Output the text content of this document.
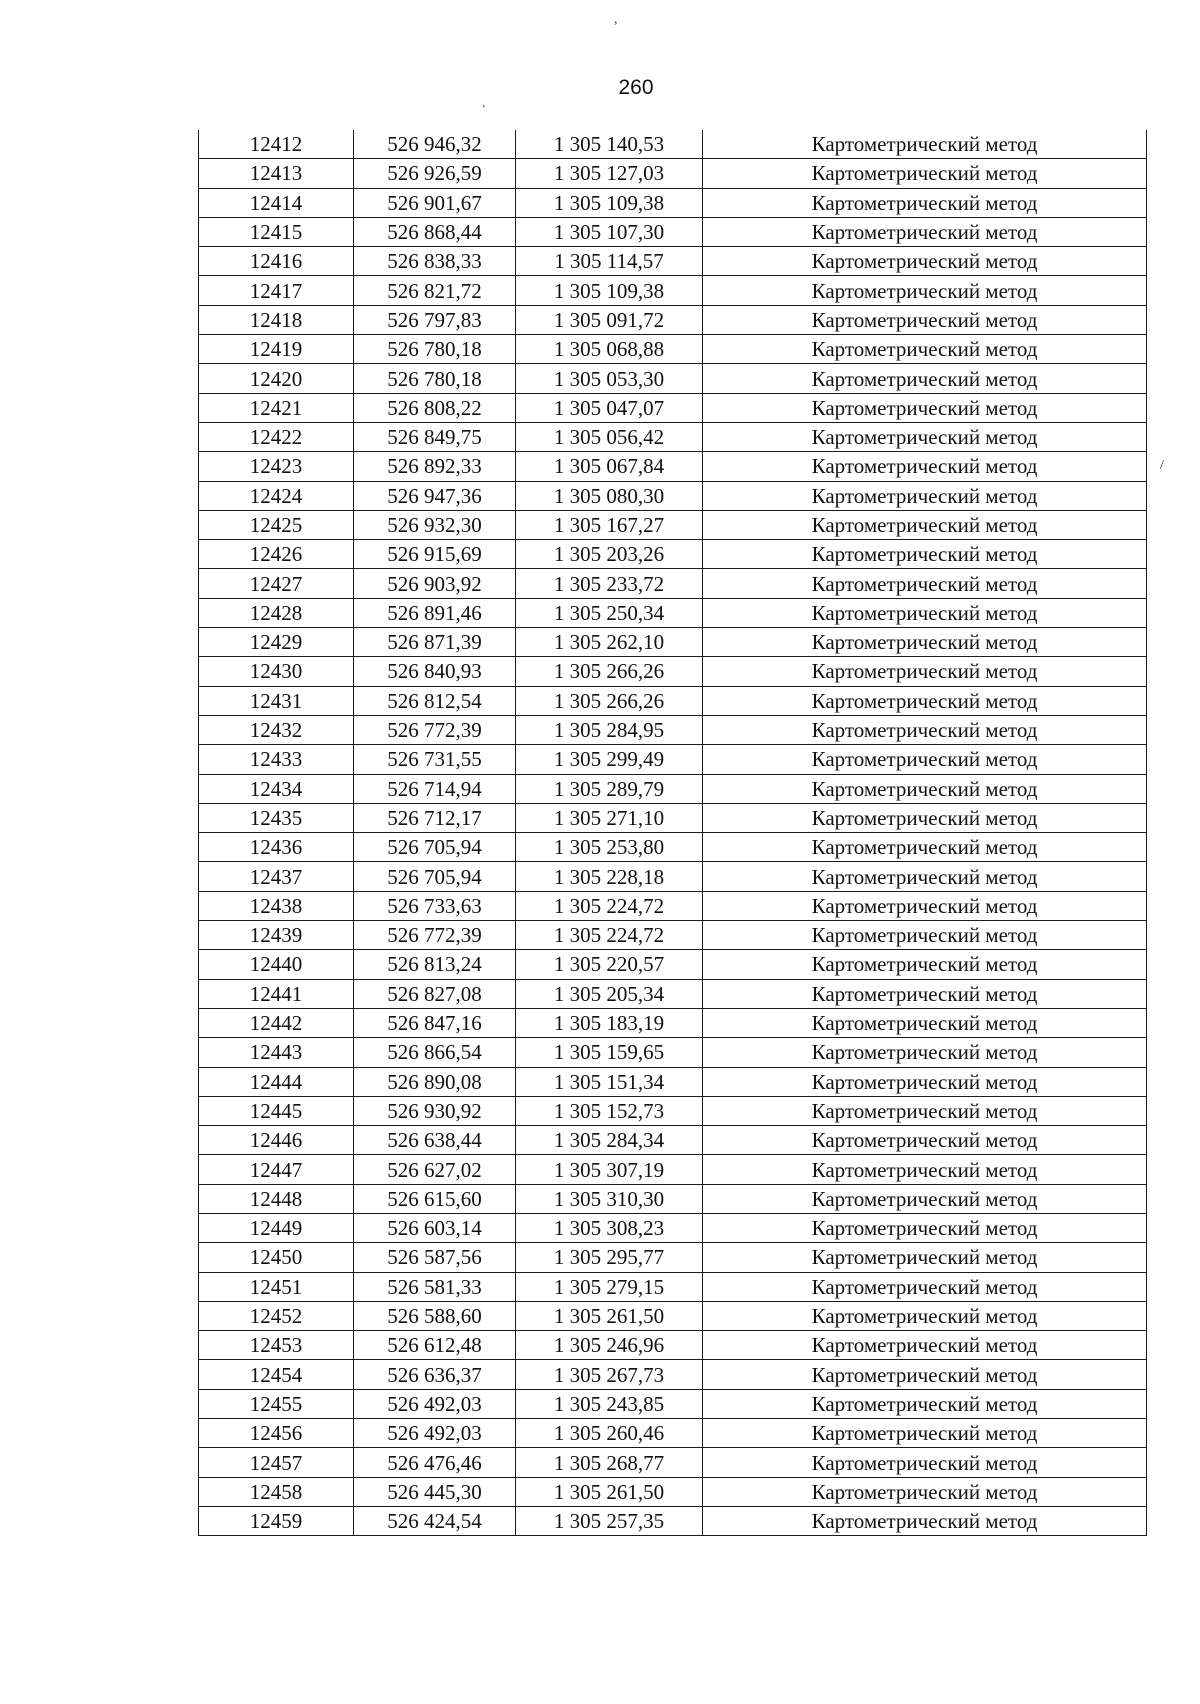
,
.
/
260
12412	526 946,32	1 305 140,53	Картометрический метод
12413	526 926,59	1 305 127,03	Картометрический метод
12414	526 901,67	1 305 109,38	Картометрический метод
12415	526 868,44	1 305 107,30	Картометрический метод
12416	526 838,33	1 305 114,57	Картометрический метод
12417	526 821,72	1 305 109,38	Картометрический метод
12418	526 797,83	1 305 091,72	Картометрический метод
12419	526 780,18	1 305 068,88	Картометрический метод
12420	526 780,18	1 305 053,30	Картометрический метод
12421	526 808,22	1 305 047,07	Картометрический метод
12422	526 849,75	1 305 056,42	Картометрический метод
12423	526 892,33	1 305 067,84	Картометрический метод
12424	526 947,36	1 305 080,30	Картометрический метод
12425	526 932,30	1 305 167,27	Картометрический метод
12426	526 915,69	1 305 203,26	Картометрический метод
12427	526 903,92	1 305 233,72	Картометрический метод
12428	526 891,46	1 305 250,34	Картометрический метод
12429	526 871,39	1 305 262,10	Картометрический метод
12430	526 840,93	1 305 266,26	Картометрический метод
12431	526 812,54	1 305 266,26	Картометрический метод
12432	526 772,39	1 305 284,95	Картометрический метод
12433	526 731,55	1 305 299,49	Картометрический метод
12434	526 714,94	1 305 289,79	Картометрический метод
12435	526 712,17	1 305 271,10	Картометрический метод
12436	526 705,94	1 305 253,80	Картометрический метод
12437	526 705,94	1 305 228,18	Картометрический метод
12438	526 733,63	1 305 224,72	Картометрический метод
12439	526 772,39	1 305 224,72	Картометрический метод
12440	526 813,24	1 305 220,57	Картометрический метод
12441	526 827,08	1 305 205,34	Картометрический метод
12442	526 847,16	1 305 183,19	Картометрический метод
12443	526 866,54	1 305 159,65	Картометрический метод
12444	526 890,08	1 305 151,34	Картометрический метод
12445	526 930,92	1 305 152,73	Картометрический метод
12446	526 638,44	1 305 284,34	Картометрический метод
12447	526 627,02	1 305 307,19	Картометрический метод
12448	526 615,60	1 305 310,30	Картометрический метод
12449	526 603,14	1 305 308,23	Картометрический метод
12450	526 587,56	1 305 295,77	Картометрический метод
12451	526 581,33	1 305 279,15	Картометрический метод
12452	526 588,60	1 305 261,50	Картометрический метод
12453	526 612,48	1 305 246,96	Картометрический метод
12454	526 636,37	1 305 267,73	Картометрический метод
12455	526 492,03	1 305 243,85	Картометрический метод
12456	526 492,03	1 305 260,46	Картометрический метод
12457	526 476,46	1 305 268,77	Картометрический метод
12458	526 445,30	1 305 261,50	Картометрический метод
12459	526 424,54	1 305 257,35	Картометрический метод
